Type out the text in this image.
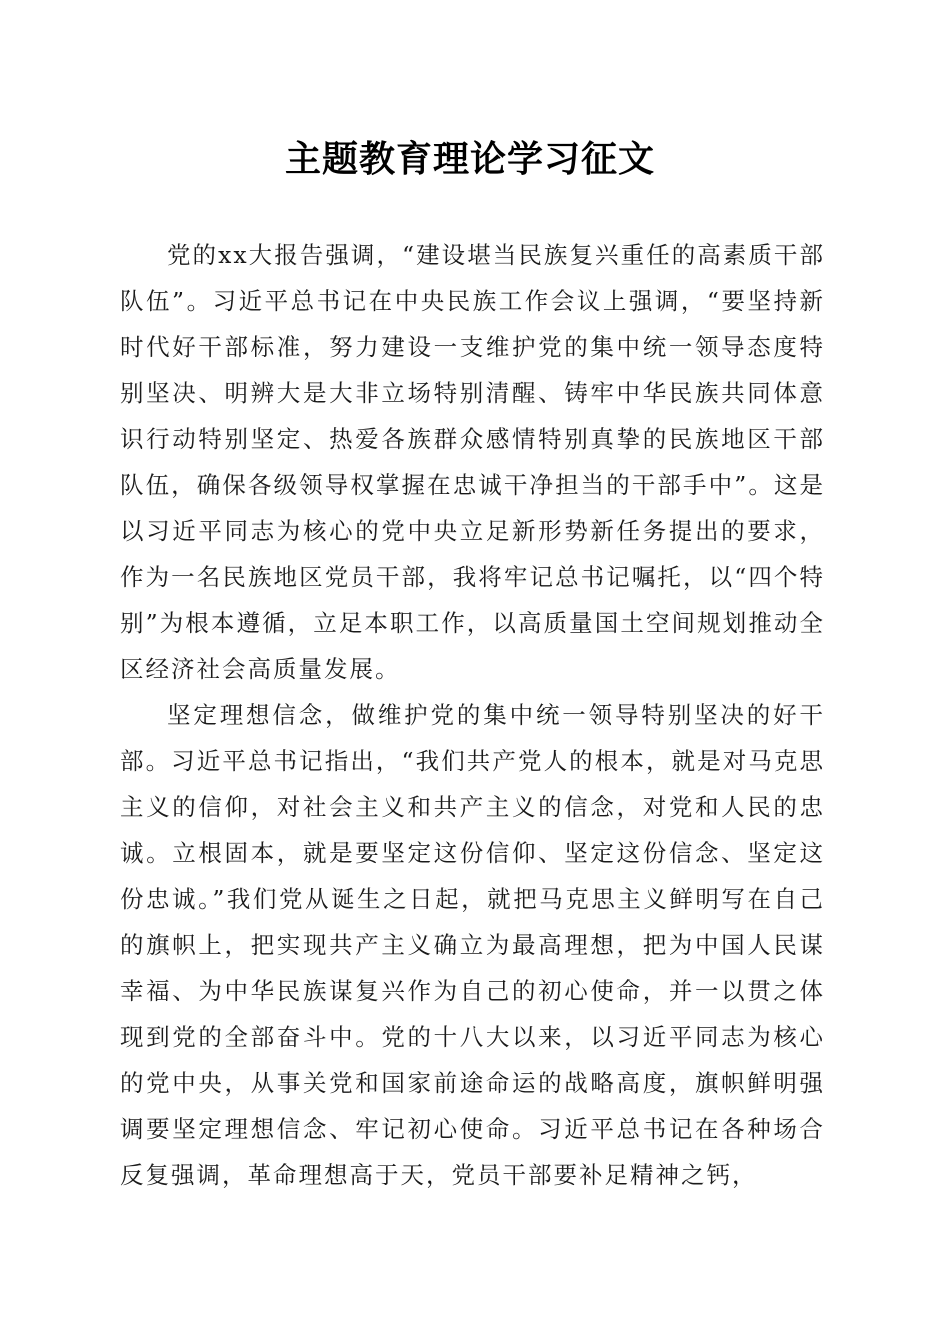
主题教育理论学习征文

党的xx大报告强调，“建设堪当民族复兴重任的高素质干部队伍”。习近平总书记在中央民族工作会议上强调，“要坚持新时代好干部标准，努力建设一支维护党的集中统一领导态度特别坚决、明辨大是大非立场特别清醒、铸牢中华民族共同体意识行动特别坚定、热爱各族群众感情特别真挚的民族地区干部队伍，确保各级领导权掌握在忠诚干净担当的干部手中”。这是以习近平同志为核心的党中央立足新形势新任务提出的要求，作为一名民族地区党员干部，我将牢记总书记嘱托，以“四个特别”为根本遵循，立足本职工作，以高质量国土空间规划推动全区经济社会高质量发展。

坚定理想信念，做维护党的集中统一领导特别坚决的好干部。习近平总书记指出，“我们共产党人的根本，就是对马克思主义的信仰，对社会主义和共产主义的信念，对党和人民的忠诚。立根固本，就是要坚定这份信仰、坚定这份信念、坚定这份忠诚。”我们党从诞生之日起，就把马克思主义鲜明写在自己的旗帜上，把实现共产主义确立为最高理想，把为中国人民谋幸福、为中华民族谋复兴作为自己的初心使命，并一以贯之体现到党的全部奋斗中。党的十八大以来，以习近平同志为核心的党中央，从事关党和国家前途命运的战略高度，旗帜鲜明强调要坚定理想信念、牢记初心使命。习近平总书记在各种场合反复强调，革命理想高于天，党员干部要补足精神之钙，
